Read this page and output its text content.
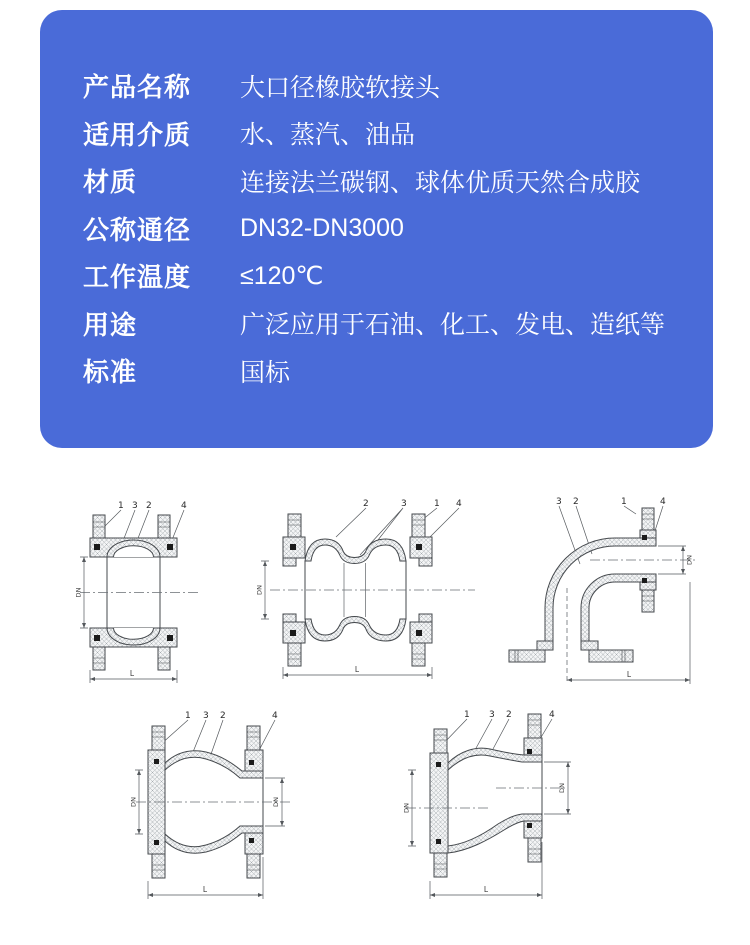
产品名称	大口径橡胶软接头
适用介质	水、蒸汽、油品
材质	连接法兰碳钢、球体优质天然合成胶
公称通径	DN32-DN3000
工作温度	≤120℃
用途	广泛应用于石油、化工、发电、造纸等
标准	国标
1 3 2	4
DN
L
2	3	1 4
DN
L
3 2	1	4
DN
L
1 3 2	4
DN	DN
L
1 3 2	4
DN
DN
L
